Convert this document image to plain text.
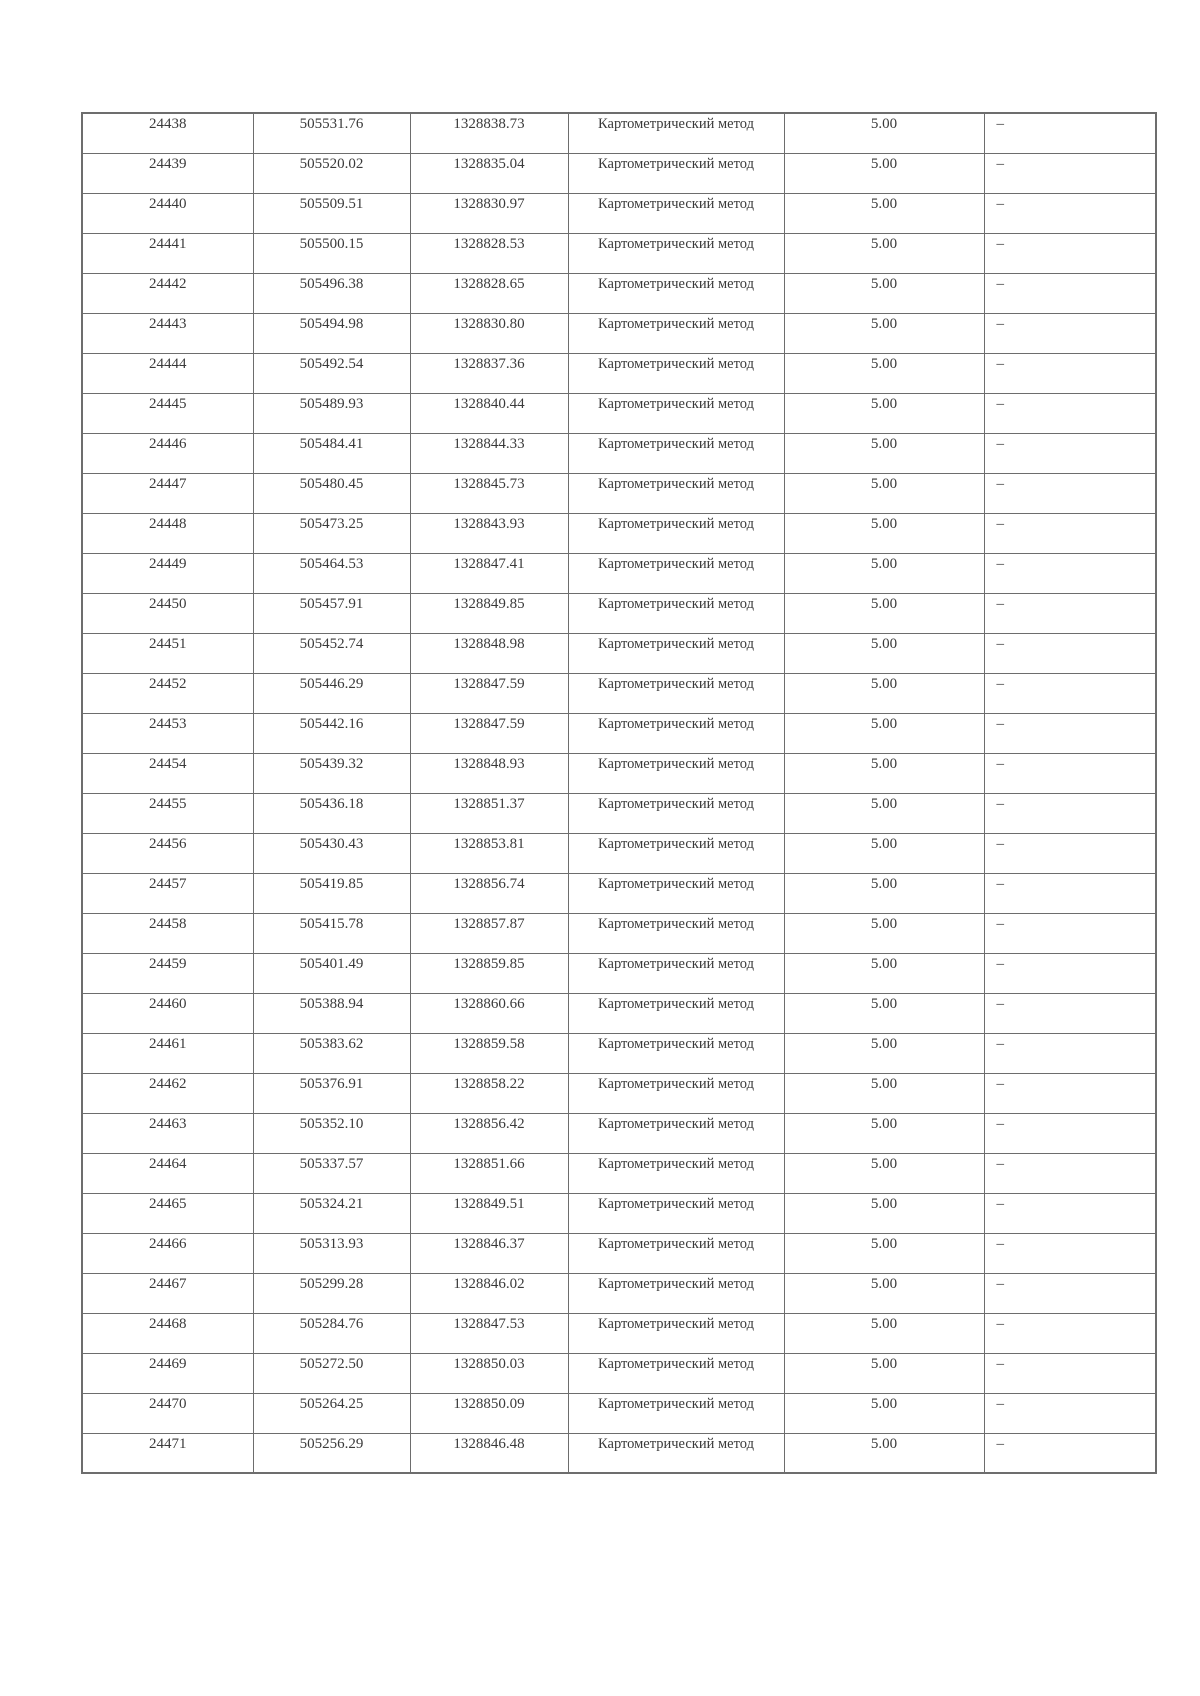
24438	505531.76	1328838.73	Картометрический метод	5.00	–
24439	505520.02	1328835.04	Картометрический метод	5.00	–
24440	505509.51	1328830.97	Картометрический метод	5.00	–
24441	505500.15	1328828.53	Картометрический метод	5.00	–
24442	505496.38	1328828.65	Картометрический метод	5.00	–
24443	505494.98	1328830.80	Картометрический метод	5.00	–
24444	505492.54	1328837.36	Картометрический метод	5.00	–
24445	505489.93	1328840.44	Картометрический метод	5.00	–
24446	505484.41	1328844.33	Картометрический метод	5.00	–
24447	505480.45	1328845.73	Картометрический метод	5.00	–
24448	505473.25	1328843.93	Картометрический метод	5.00	–
24449	505464.53	1328847.41	Картометрический метод	5.00	–
24450	505457.91	1328849.85	Картометрический метод	5.00	–
24451	505452.74	1328848.98	Картометрический метод	5.00	–
24452	505446.29	1328847.59	Картометрический метод	5.00	–
24453	505442.16	1328847.59	Картометрический метод	5.00	–
24454	505439.32	1328848.93	Картометрический метод	5.00	–
24455	505436.18	1328851.37	Картометрический метод	5.00	–
24456	505430.43	1328853.81	Картометрический метод	5.00	–
24457	505419.85	1328856.74	Картометрический метод	5.00	–
24458	505415.78	1328857.87	Картометрический метод	5.00	–
24459	505401.49	1328859.85	Картометрический метод	5.00	–
24460	505388.94	1328860.66	Картометрический метод	5.00	–
24461	505383.62	1328859.58	Картометрический метод	5.00	–
24462	505376.91	1328858.22	Картометрический метод	5.00	–
24463	505352.10	1328856.42	Картометрический метод	5.00	–
24464	505337.57	1328851.66	Картометрический метод	5.00	–
24465	505324.21	1328849.51	Картометрический метод	5.00	–
24466	505313.93	1328846.37	Картометрический метод	5.00	–
24467	505299.28	1328846.02	Картометрический метод	5.00	–
24468	505284.76	1328847.53	Картометрический метод	5.00	–
24469	505272.50	1328850.03	Картометрический метод	5.00	–
24470	505264.25	1328850.09	Картометрический метод	5.00	–
24471	505256.29	1328846.48	Картометрический метод	5.00	–
